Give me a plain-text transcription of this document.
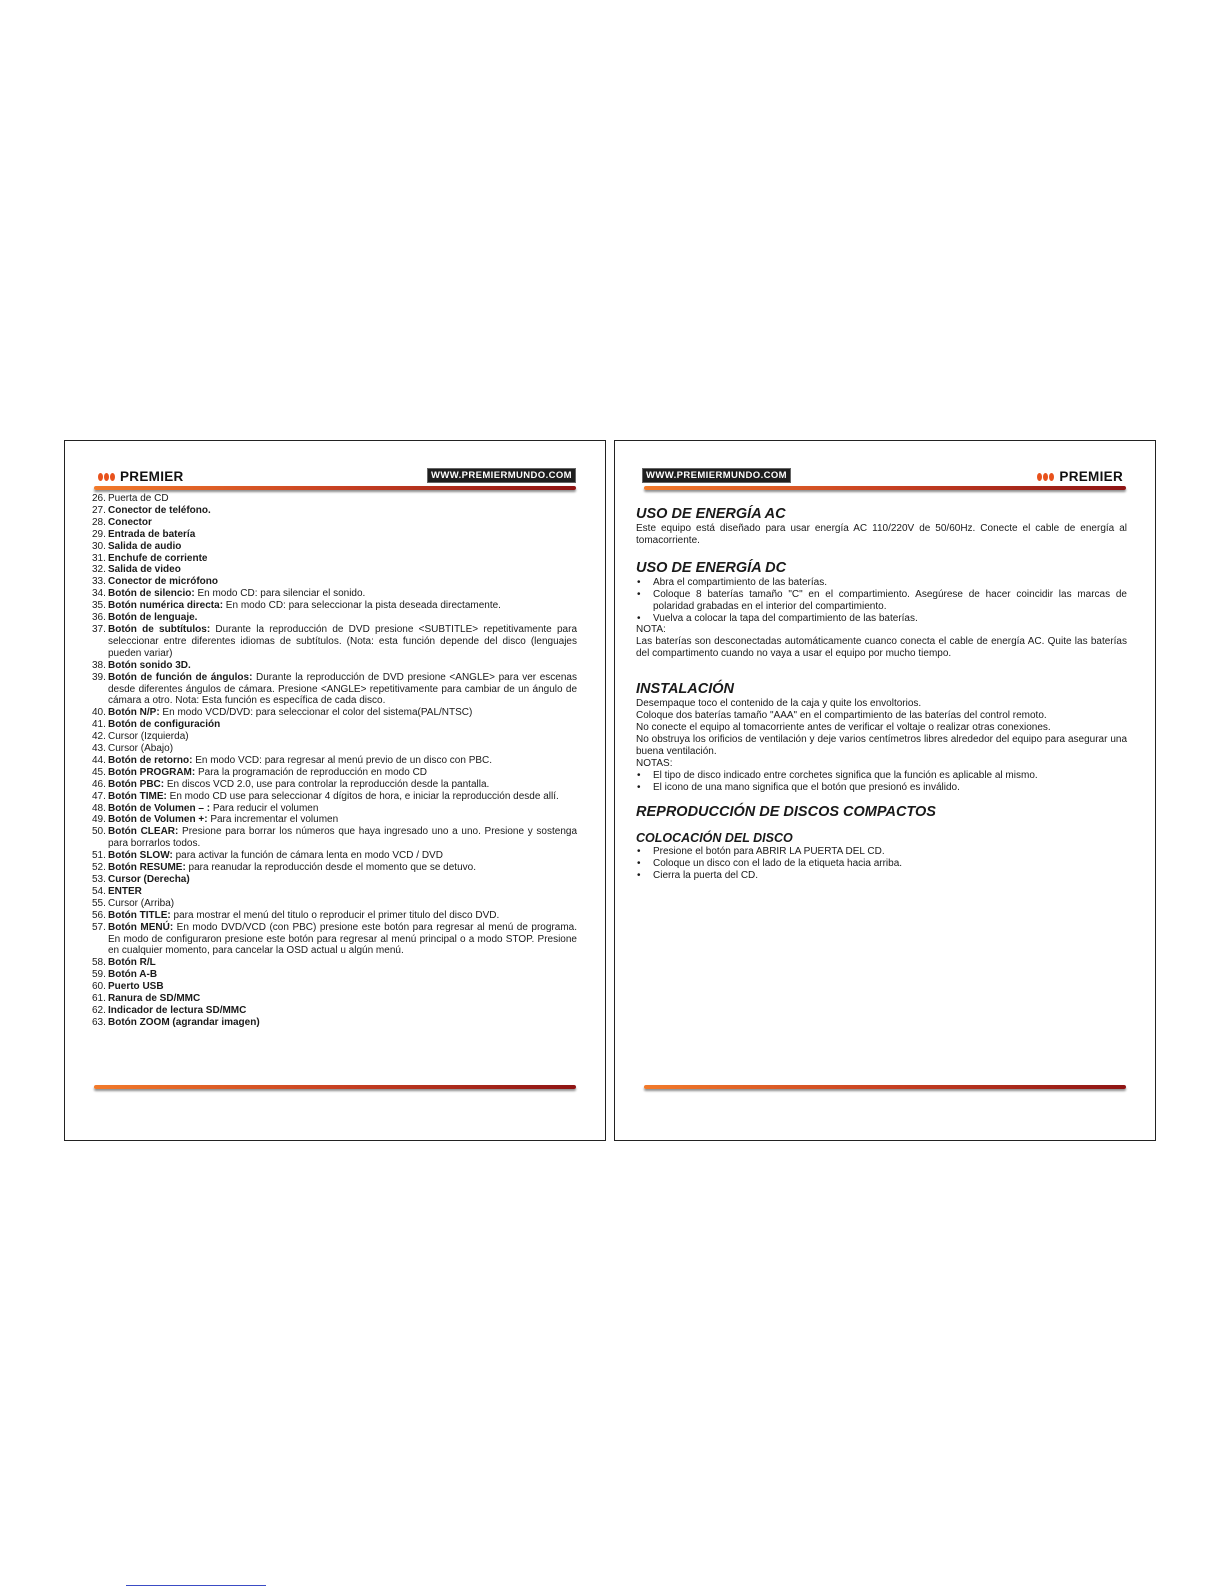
PREMIER	WWW.PREMIERMUNDO.COM
26. Puerta de CD
27. Conector de teléfono.
28. Conector
29. Entrada de batería
30. Salida de audio
31. Enchufe de corriente
32. Salida de video
33. Conector de micrófono
34. Botón de silencio: En modo CD: para silenciar el sonido.
35. Botón numérica directa: En modo CD: para seleccionar la pista deseada directamente.
36. Botón de lenguaje.
37. Botón de subtítulos: Durante la reproducción de DVD presione <SUBTITLE> repetitivamente para seleccionar entre diferentes idiomas de subtítulos. (Nota: esta función depende del disco (lenguajes pueden variar)
38. Botón sonido 3D.
39. Botón de función de ángulos: Durante la reproducción de DVD presione <ANGLE> para ver escenas desde diferentes ángulos de cámara. Presione <ANGLE> repetitivamente para cambiar de un ángulo de cámara a otro. Nota: Esta función es específica de cada disco.
40. Botón N/P: En modo VCD/DVD: para seleccionar el color del sistema(PAL/NTSC)
41. Botón de configuración
42. Cursor (Izquierda)
43. Cursor (Abajo)
44. Botón de retorno: En modo VCD: para regresar al menú previo de un disco con PBC.
45. Botón PROGRAM: Para la programación de reproducción en modo CD
46. Botón PBC: En discos VCD 2.0, use para controlar la reproducción desde la pantalla.
47. Botón TIME: En modo CD use para seleccionar 4 dígitos de hora, e iniciar la reproducción desde allí.
48. Botón de Volumen – : Para reducir el volumen
49. Botón de Volumen +: Para incrementar el volumen
50. Botón CLEAR: Presione para borrar los números que haya ingresado uno a uno. Presione y sostenga para borrarlos todos.
51. Botón SLOW: para activar la función de cámara lenta en modo VCD / DVD
52. Botón RESUME: para reanudar la reproducción desde el momento que se detuvo.
53. Cursor (Derecha)
54. ENTER
55. Cursor (Arriba)
56. Botón TITLE: para mostrar el menú del titulo o reproducir el primer titulo del disco DVD.
57. Botón MENÚ: En modo DVD/VCD (con PBC) presione este botón para regresar al menú de programa. En modo de configuraron presione este botón para regresar al menú principal o a modo STOP. Presione en cualquier momento, para cancelar la OSD actual u algún menú.
58. Botón R/L
59. Botón A-B
60. Puerto USB
61. Ranura de SD/MMC
62. Indicador de lectura SD/MMC
63. Botón ZOOM (agrandar imagen)
WWW.PREMIERMUNDO.COM	PREMIER
USO DE ENERGÍA AC

Este equipo está diseñado para usar energía AC 110/220V de 50/60Hz. Conecte el cable de energía al tomacorriente.

USO DE ENERGÍA DC
•	Abra el compartimiento de las baterías.
•	Coloque 8 baterías tamaño "C" en el compartimiento. Asegúrese de hacer coincidir las marcas de polaridad grabadas en el interior del compartimiento.
•	Vuelva a colocar la tapa del compartimiento de las baterías.

NOTA:

Las baterías son desconectadas automáticamente cuanco conecta el cable de energía AC. Quite las baterías del compartimento cuando no vaya a usar el equipo por mucho tiempo.

INSTALACIÓN

Desempaque toco el contenido de la caja y quite los envoltorios.

Coloque dos baterías tamaño "AAA" en el compartimiento de las baterías del control remoto.

No conecte el equipo al tomacorriente antes de verificar el voltaje o realizar otras conexiones.

No obstruya los orificios de ventilación y deje varios centímetros libres alrededor del equipo para asegurar una buena ventilación.

NOTAS:

•	El tipo de disco indicado entre corchetes significa que la función es aplicable al mismo.
•	El icono de una mano significa que el botón que presionó es inválido.
REPRODUCCIÓN DE DISCOS COMPACTOS
COLOCACIÓN DEL DISCO
•	Presione el botón para ABRIR LA PUERTA DEL CD.
•	Coloque un disco con el lado de la etiqueta hacia arriba.
•	Cierra la puerta del CD.
